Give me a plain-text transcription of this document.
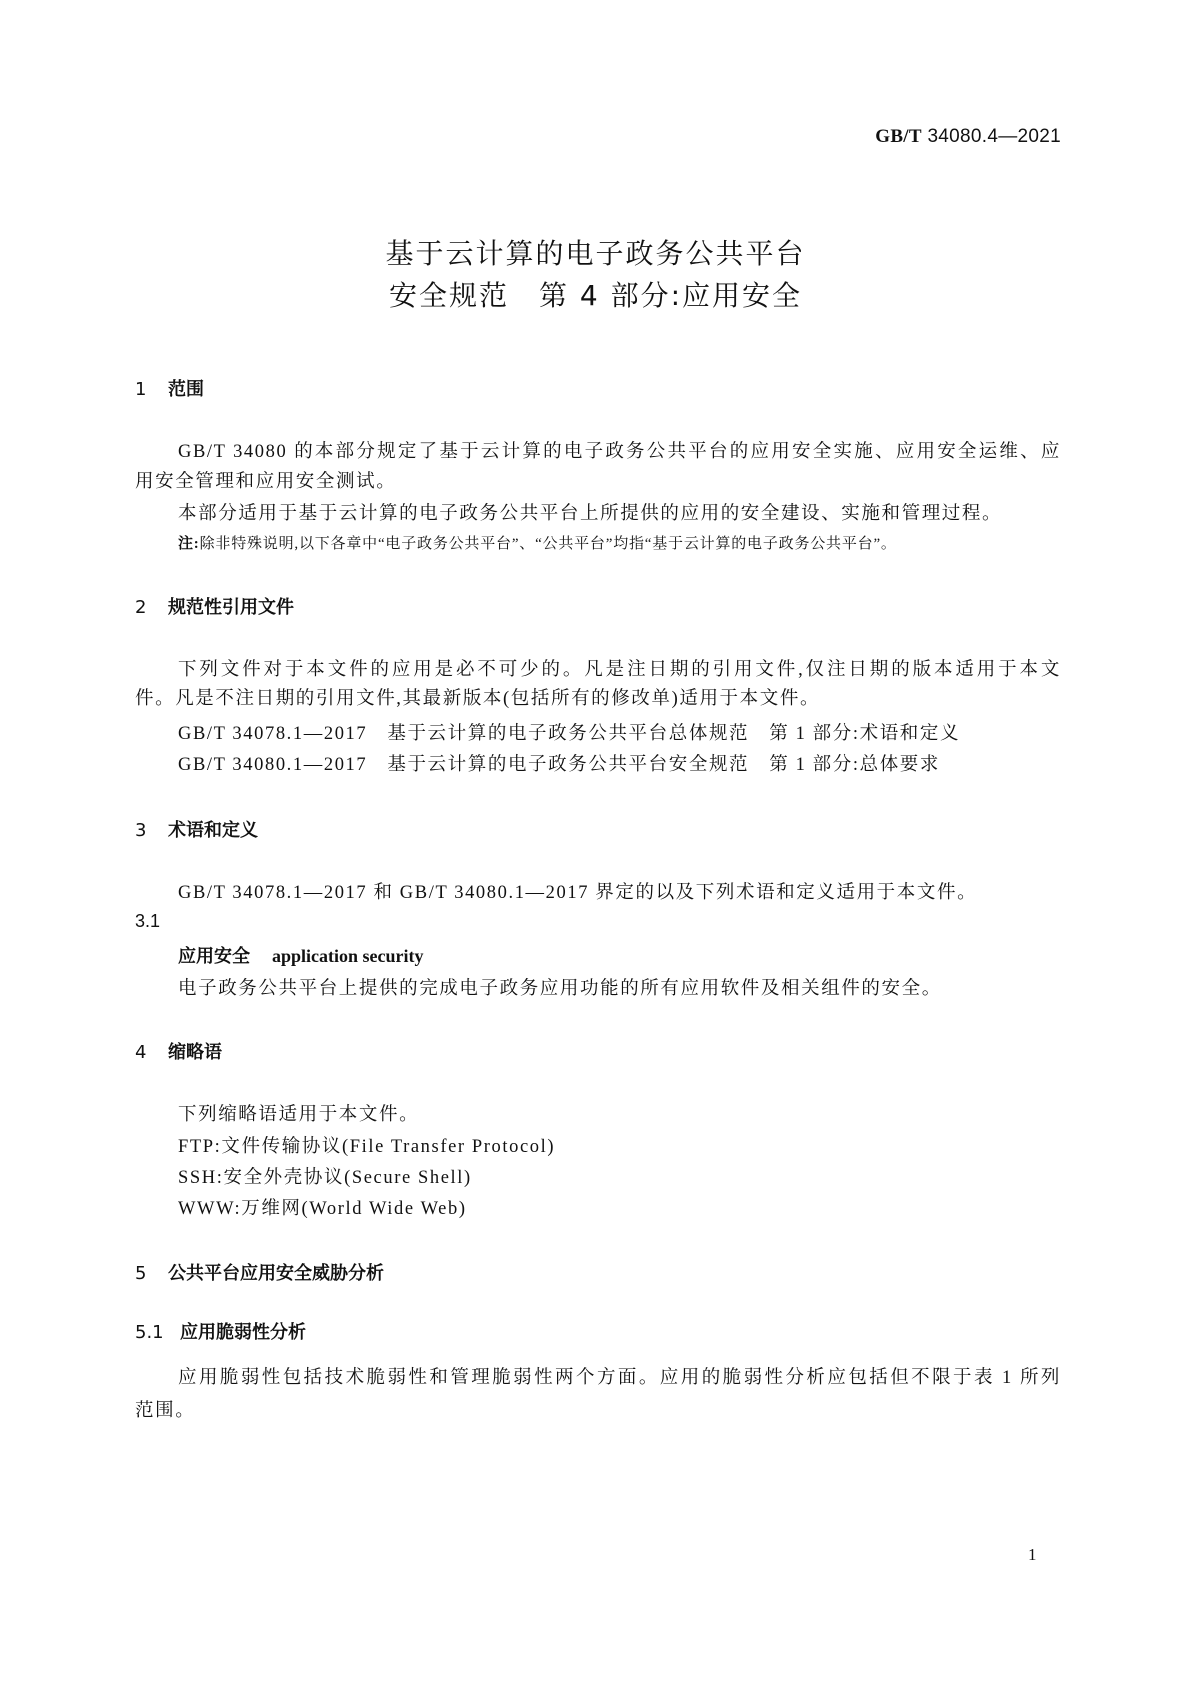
GB/T 34080.4—2021
基于云计算的电子政务公共平台
安全规范　第 4 部分:应用安全
1 范围
GB/T 34080 的本部分规定了基于云计算的电子政务公共平台的应用安全实施、应用安全运维、应
用安全管理和应用安全测试。
本部分适用于基于云计算的电子政务公共平台上所提供的应用的安全建设、实施和管理过程。
注:除非特殊说明,以下各章中“电子政务公共平台”、“公共平台”均指“基于云计算的电子政务公共平台”。
2 规范性引用文件
下列文件对于本文件的应用是必不可少的。凡是注日期的引用文件,仅注日期的版本适用于本文
件。凡是不注日期的引用文件,其最新版本(包括所有的修改单)适用于本文件。
GB/T 34078.1—2017　基于云计算的电子政务公共平台总体规范　第 1 部分:术语和定义
GB/T 34080.1—2017　基于云计算的电子政务公共平台安全规范　第 1 部分:总体要求
3 术语和定义
GB/T 34078.1—2017 和 GB/T 34080.1—2017 界定的以及下列术语和定义适用于本文件。
3.1
应用安全 application security
电子政务公共平台上提供的完成电子政务应用功能的所有应用软件及相关组件的安全。
4 缩略语
下列缩略语适用于本文件。
FTP:文件传输协议(File Transfer Protocol)
SSH:安全外壳协议(Secure Shell)
WWW:万维网(World Wide Web)
5 公共平台应用安全威胁分析
5.1 应用脆弱性分析
应用脆弱性包括技术脆弱性和管理脆弱性两个方面。应用的脆弱性分析应包括但不限于表 1 所列
范围。
1
